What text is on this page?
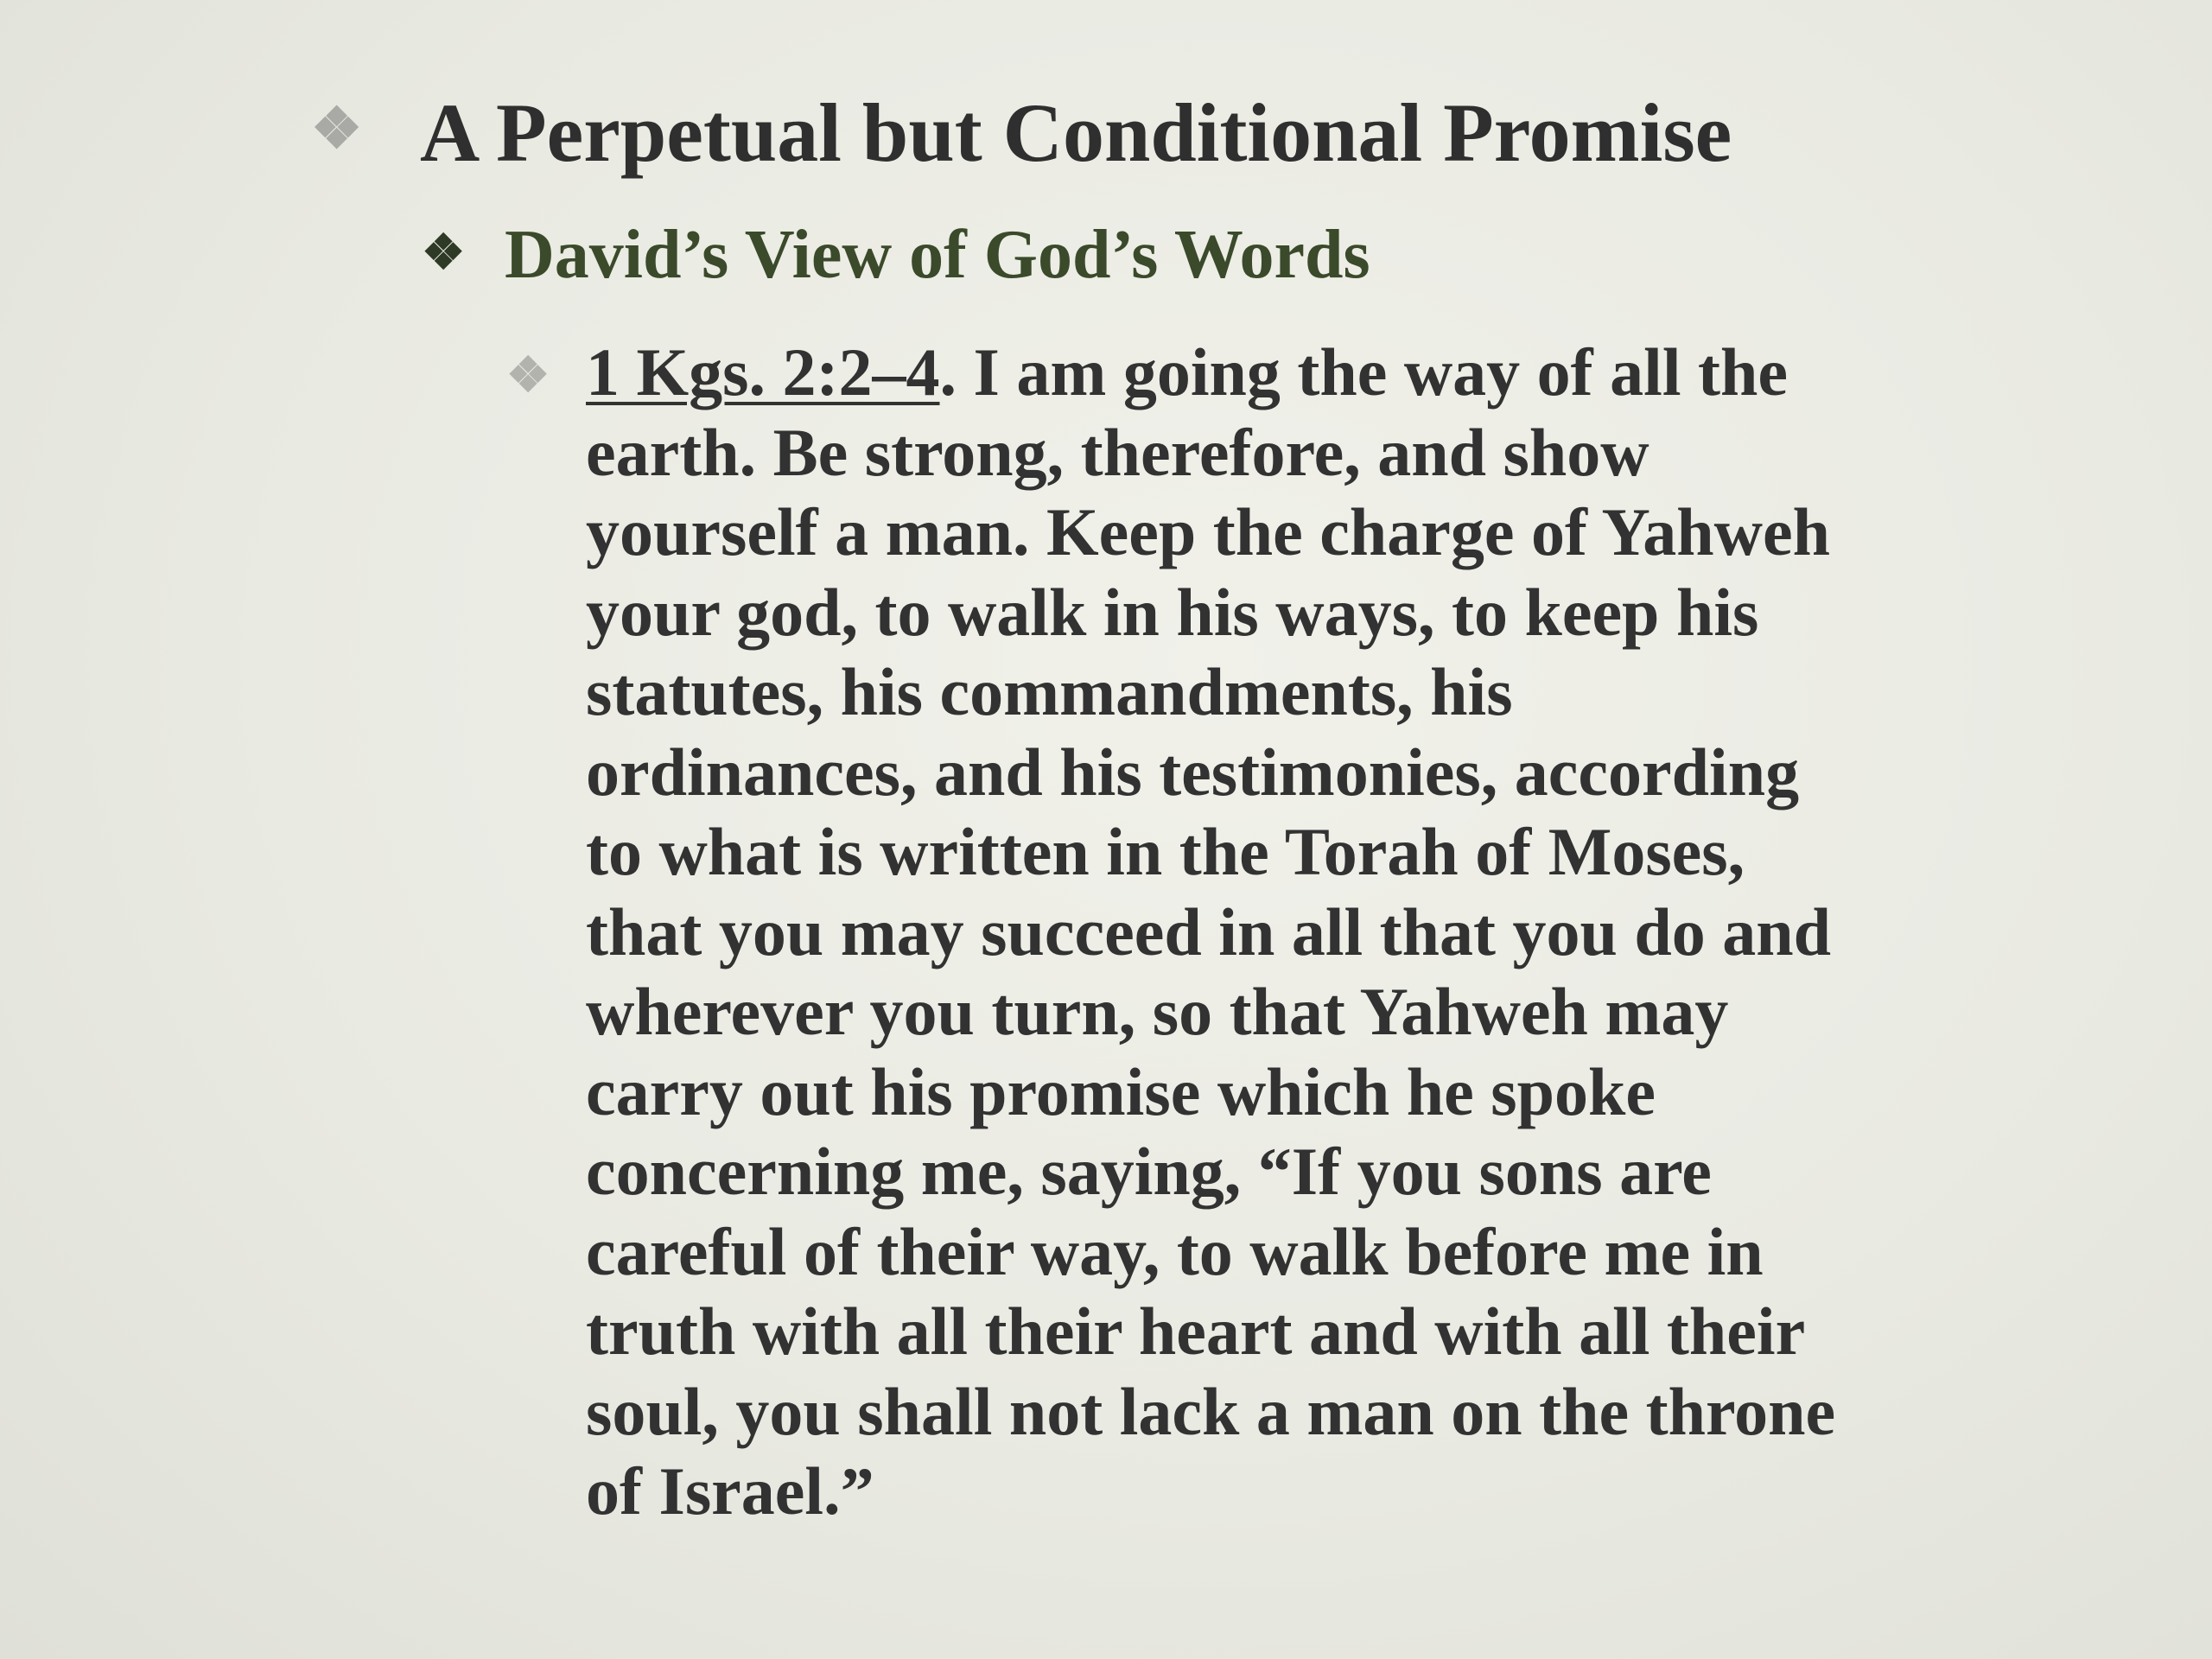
❖ A Perpetual but Conditional Promise
❖ David’s View of God’s Words
❖ 1 Kgs. 2:2–4. I am going the way of all the
earth. Be strong, therefore, and show
yourself a man. Keep the charge of Yahweh
your god, to walk in his ways, to keep his
statutes, his commandments, his
ordinances, and his testimonies, according
to what is written in the Torah of Moses,
that you may succeed in all that you do and
wherever you turn, so that Yahweh may
carry out his promise which he spoke
concerning me, saying, “If you sons are
careful of their way, to walk before me in
truth with all their heart and with all their
soul, you shall not lack a man on the throne
of Israel.”
